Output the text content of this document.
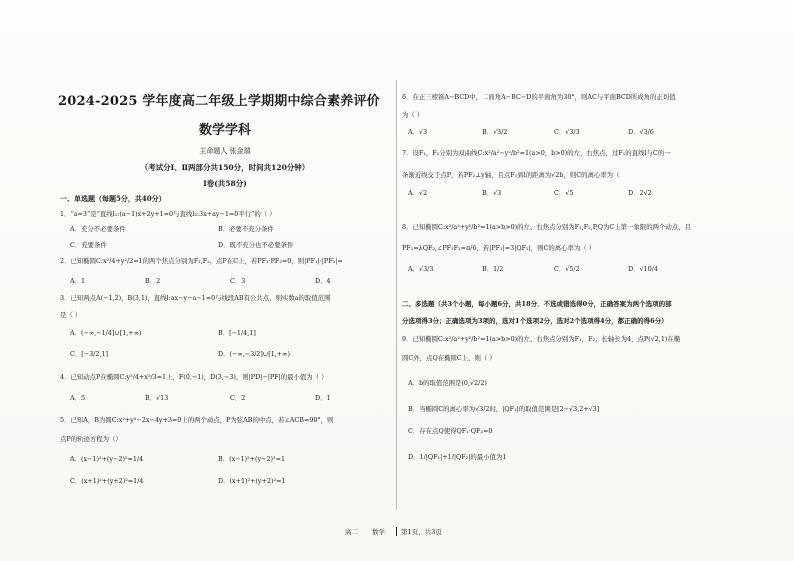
2024-2025 学年度高二年级上学期期中综合素养评价
数学学科
主命题人 张金瑞
（考试分Ⅰ、Ⅱ两部分共150分，时间共120分钟）
Ⅰ卷(共58分)
一、单选题（每题5分，共40分）
1．“a=3”是“直线l₁:(a−1)x+2y+1=0与直线l₂:3x+ay−1=0平行”的（ ）
A．充分不必要条件	B．必要不充分条件
C．充要条件	D．既不充分也不必要条件
2．已知椭圆C:x²/4+y²/2=1的两个焦点分别为F₁,F₂，点P在C上，若PF₁·PF₂=0，则|PF₁|·|PF₂|=
A．1	B．2	C．3	D．4
3．已知两点A(−1,2)，B(3,1)，直线l:ax−y−a−1=0与线段AB有公共点，则实数a的取值范围
是（ ）
A．(−∞,−1/4]∪[1,+∞)	B．[−1/4,1]
C．[−3/2,1]	D．(−∞,−3/2]∪[1,+∞)
4．已知动点P在椭圆C:y²/4+x²/3=1上，F(0,−1)，D(3,−3)，则|PD|−|PF|的最小值为（ ）
A．5	B．√13	C．2	D．1
5．已知A，B为圆C:x²+y²−2x−4y+3=0上的两个动点，P为弦AB的中点，若∠ACB=90°，则
点P的轨迹方程为（）
A．(x−1)²+(y−2)²=1/4	B．(x−1)²+(y−2)²=1
C．(x+1)²+(y+2)²=1/4	D．(x+1)²+(y+2)²=1
6．在正三棱锥A−BCD中，二面角A−BC−D的平面角为30°，则AC与平面BCD所成角的正切值
为（ ）
A．√3	B．√3/2	C．√3/3	D．√3/6
7．设F₁，F₂分别为双曲线C:x²/a²−y²/b²=1(a>0，b>0)的左，右焦点，过F₁的直线l与C的一
条渐近线交于点P，若PF₂⊥y轴，且点F₁到l的距离为√2b，则C的离心率为（
A．√2	B．√3	C．√5	D．2√2
8．已知椭圆C:x²/a²+y²/b²=1(a>b>0)的左、右焦点分别为F₁,F₂,P,Q为C上第一象限的两个动点，且
PF₁=λQF₂,∠PF₁F₂=π/6，若|PF₁|=3|QF₂|，则C的离心率为（ ）
A．√3/3	B．1/2	C．√5/2	D．√10/4
二、多选题（共3个小题，每小题6分，共18分．不选或错选得0分，正确答案为两个选项的部
分选项得3分；正确选项为3项的，选对1个选项2分，选对2个选项得4分，都正确的得6分）
9．已知椭圆C:x²/a²+y²/b²=1(a>b>0)的左、右焦点分别为F₁，F₂，长轴长为4，点P(√2,1)在椭
圆C外，点Q在椭圆C上，则（ ）
A．b的取值范围是(0,√2/2)
B．当椭圆C的离心率为√3/2时，|QF₁|的取值范围是[2−√3,2+√3]
C．存在点Q使得QF₁·QF₂=0
D．1/|QF₁|+1/|QF₂|的最小值为1
高二 数学	第1页，共3页
